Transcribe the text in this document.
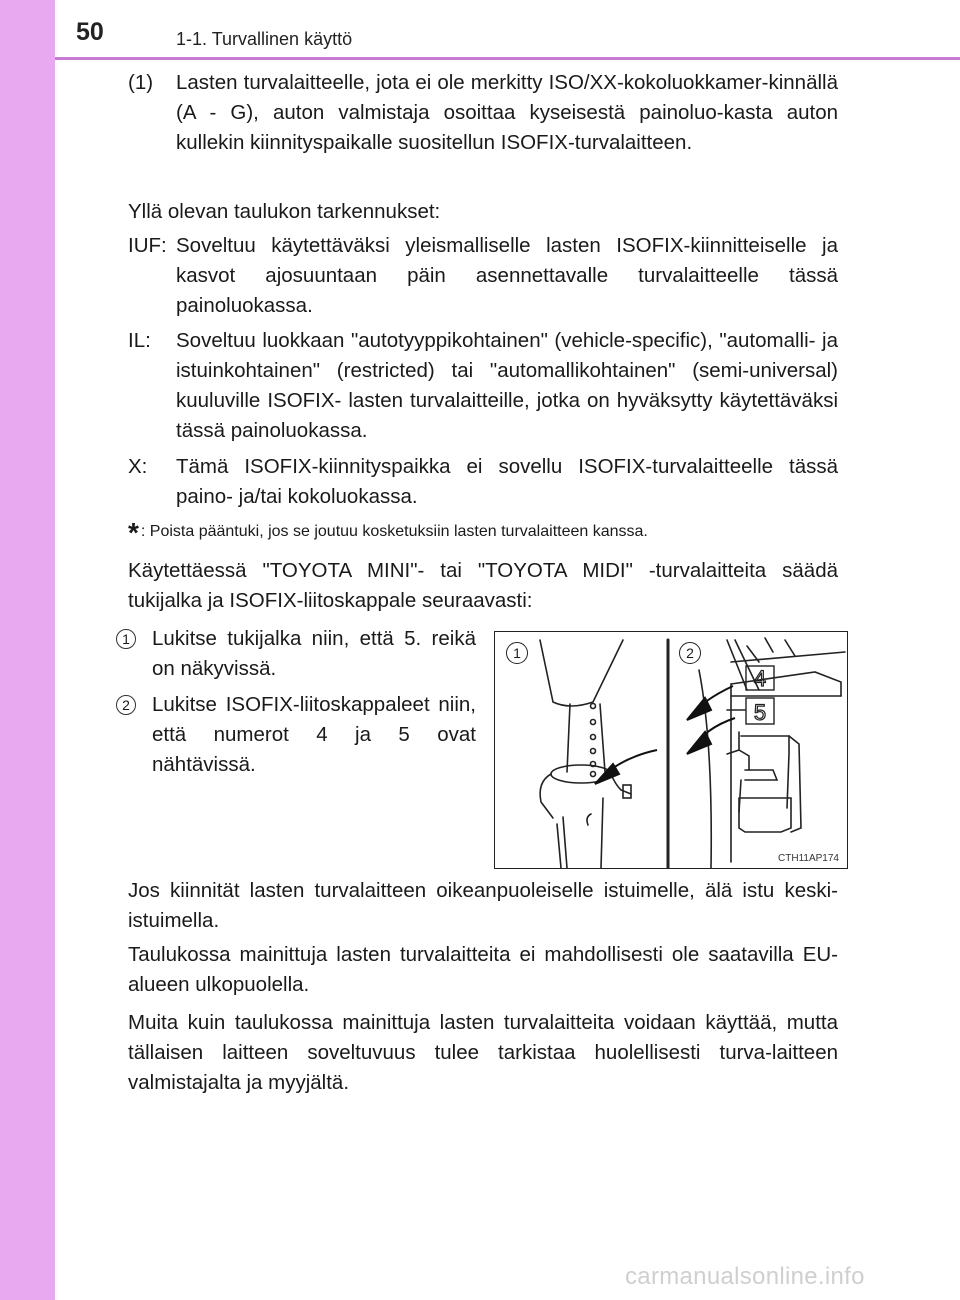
50	1-1. Turvallinen käyttö
(1) Lasten turvalaitteelle, jota ei ole merkitty ISO/XX-kokoluokkamer-kinnällä (A - G), auton valmistaja osoittaa kyseisestä painoluo-kasta auton kullekin kiinnityspaikalle suositellun ISOFIX-turvalaitteen.

Yllä olevan taulukon tarkennukset:

IUF: Soveltuu käytettäväksi yleismalliselle lasten ISOFIX-kiinnitteiselle ja kasvot ajosuuntaan päin asennettavalle turvalaitteelle tässä painoluokassa.
IL: Soveltuu luokkaan "autotyyppikohtainen" (vehicle-specific), "automalli- ja istuinkohtainen" (restricted) tai "automallikohtainen" (semi-universal) kuuluville ISOFIX- lasten turvalaitteille, jotka on hyväksytty käytettäväksi tässä painoluokassa.
X: Tämä ISOFIX-kiinnityspaikka ei sovellu ISOFIX-turvalaitteelle tässä paino- ja/tai kokoluokassa.
* : Poista pääntuki, jos se joutuu kosketuksiin lasten turvalaitteen kanssa.

Käytettäessä "TOYOTA MINI"- tai "TOYOTA MIDI" -turvalaitteita säädä tukijalka ja ISOFIX-liitoskappale seuraavasti:

1 Lukitse tukijalka niin, että 5. reikä on näkyvissä.
2 Lukitse ISOFIX-liitoskappaleet niin, että numerot 4 ja 5 ovat nähtävissä.
4
5
1	2
CTH11AP174

Jos kiinnität lasten turvalaitteen oikeanpuoleiselle istuimelle, älä istu keski-istuimella.

Taulukossa mainittuja lasten turvalaitteita ei mahdollisesti ole saatavilla EU-alueen ulkopuolella.

Muita kuin taulukossa mainittuja lasten turvalaitteita voidaan käyttää, mutta tällaisen laitteen soveltuvuus tulee tarkistaa huolellisesti turva-laitteen valmistajalta ja myyjältä.

carmanualsonline.info
